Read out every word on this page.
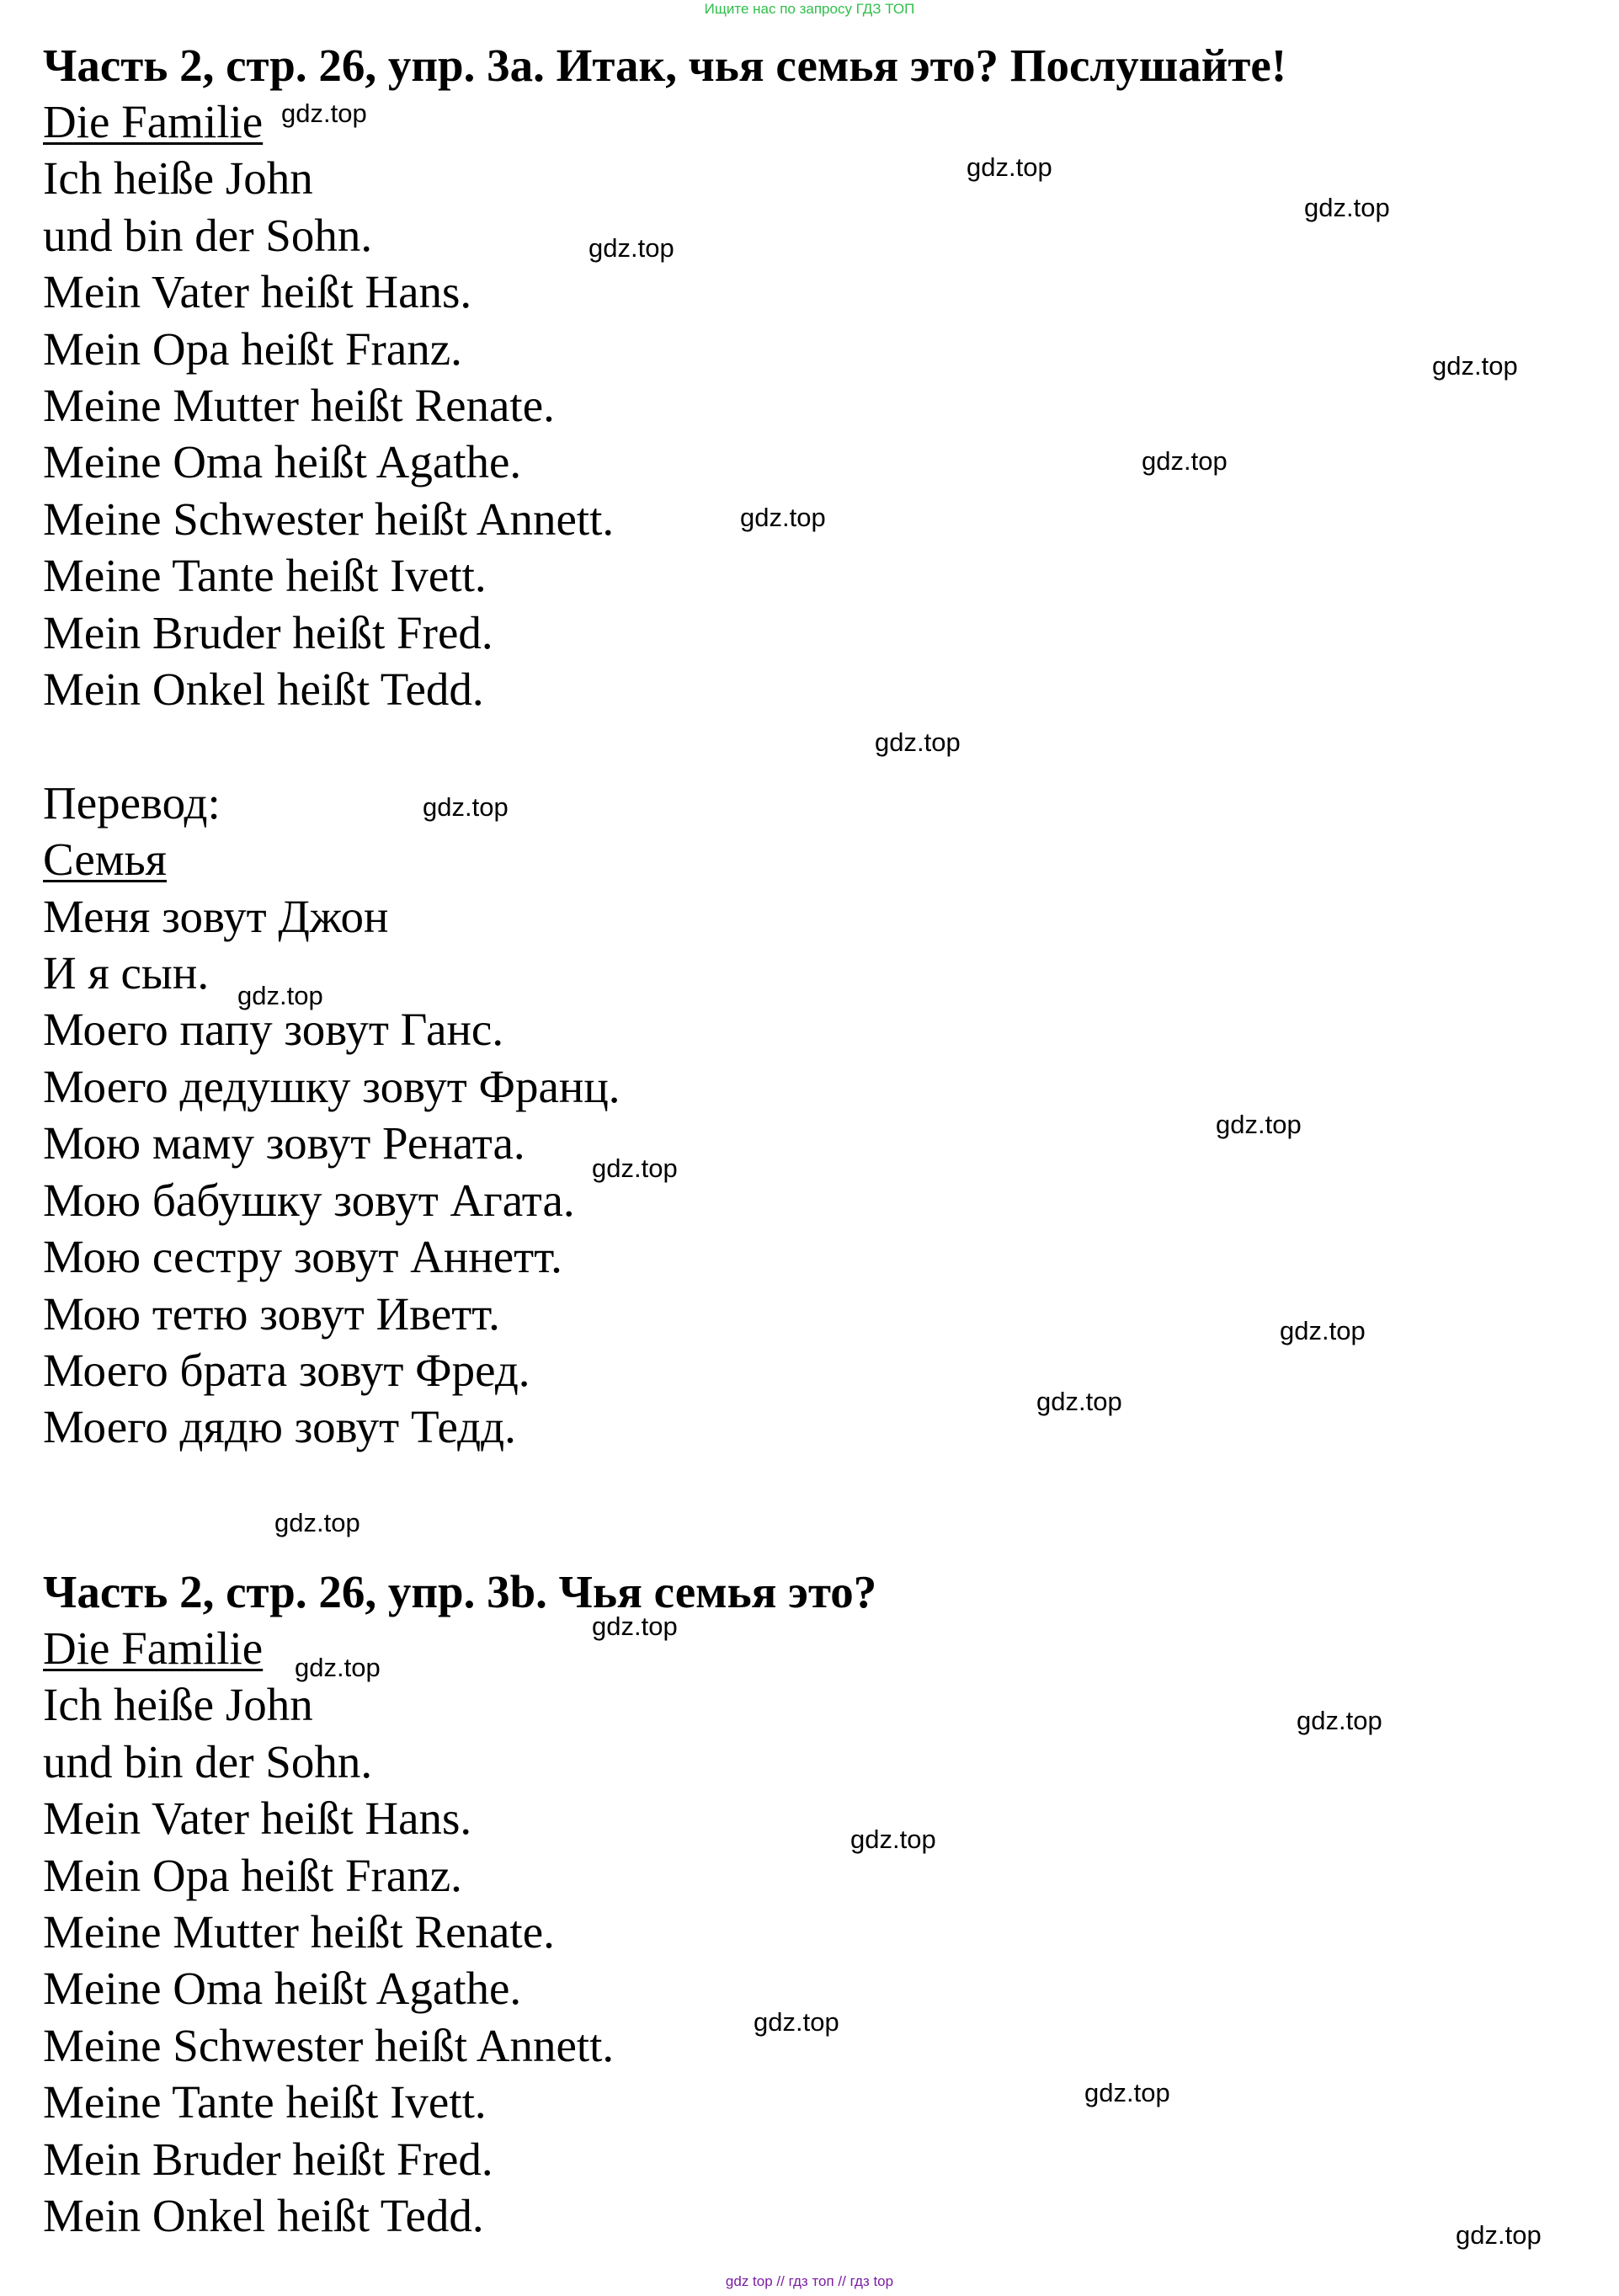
Ищите нас по запросу ГДЗ ТОП
Часть 2, стр. 26, упр. 3a. Итак, чья семья это? Послушайте!
Die Familie
Ich heiße John
und bin der Sohn.
Mein Vater heißt Hans.
Mein Opa heißt Franz.
Meine Mutter heißt Renate.
Meine Oma heißt Agathe.
Meine Schwester heißt Annett.
Meine Tante heißt Ivett.
Mein Bruder heißt Fred.
Mein Onkel heißt Tedd.
Перевод:
Семья
Меня зовут Джон
И я сын.
Моего папу зовут Ганс.
Моего дедушку зовут Франц.
Мою маму зовут Рената.
Мою бабушку зовут Агата.
Мою сестру зовут Аннетт.
Мою тетю зовут Иветт.
Моего брата зовут Фред.
Моего дядю зовут Тедд.
Часть 2, стр. 26, упр. 3b. Чья семья это?
Die Familie
Ich heiße John
und bin der Sohn.
Mein Vater heißt Hans.
Mein Opa heißt Franz.
Meine Mutter heißt Renate.
Meine Oma heißt Agathe.
Meine Schwester heißt Annett.
Meine Tante heißt Ivett.
Mein Bruder heißt Fred.
Mein Onkel heißt Tedd.
gdz.top
gdz.top
gdz.top
gdz.top
gdz.top
gdz.top
gdz.top
gdz.top
gdz.top
gdz.top
gdz.top
gdz.top
gdz.top
gdz.top
gdz.top
gdz.top
gdz.top
gdz.top
gdz.top
gdz.top
gdz.top
gdz.top
gdz top // гдз топ // гдз top
